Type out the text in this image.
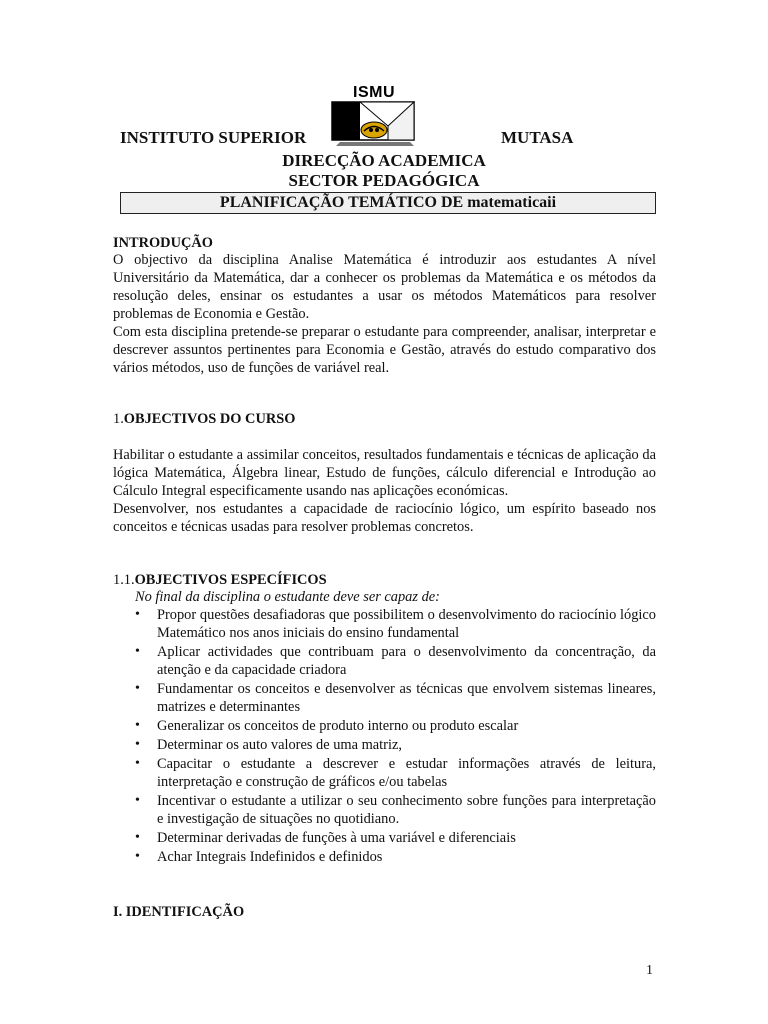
ISMU
INSTITUTO SUPERIOR	MUTASA
DIRECÇÃO ACADEMICA
SECTOR PEDAGÓGICA
PLANIFICAÇÃO TEMÁTICO DE matematicaii
INTRODUÇÃO
O objectivo da disciplina Analise Matemática é introduzir aos estudantes A nível Universitário da Matemática, dar a conhecer os problemas da Matemática e os métodos da resolução deles, ensinar os estudantes a usar os métodos Matemáticos para resolver problemas de Economia e Gestão.
Com esta disciplina pretende-se preparar o estudante para compreender, analisar, interpretar e descrever assuntos pertinentes para Economia e Gestão, através do estudo comparativo dos vários métodos, uso de funções de variável real.
1.OBJECTIVOS DO CURSO
Habilitar o estudante a assimilar conceitos, resultados fundamentais e técnicas de aplicação da lógica Matemática, Álgebra linear, Estudo de funções, cálculo diferencial e Introdução ao Cálculo Integral especificamente usando nas aplicações económicas.
Desenvolver, nos estudantes a capacidade de raciocínio lógico, um espírito baseado nos conceitos e técnicas usadas para resolver problemas concretos.
1.1.OBJECTIVOS ESPECÍFICOS
No final da disciplina o estudante deve ser capaz de:
• Propor questões desafiadoras que possibilitem o desenvolvimento do raciocínio lógico Matemático nos anos iniciais do ensino fundamental
• Aplicar actividades que contribuam para o desenvolvimento da concentração, da atenção e da capacidade criadora
• Fundamentar os conceitos e desenvolver as técnicas que envolvem sistemas lineares, matrizes e determinantes
• Generalizar os conceitos de produto interno ou produto escalar
• Determinar os auto valores de uma matriz,
• Capacitar o estudante a descrever e estudar informações através de leitura, interpretação e construção de gráficos e/ou tabelas
• Incentivar o estudante a utilizar o seu conhecimento sobre funções para interpretação e investigação de situações no quotidiano.
• Determinar derivadas de funções à uma variável e diferenciais
• Achar Integrais Indefinidos e definidos
I. IDENTIFICAÇÃO
1
